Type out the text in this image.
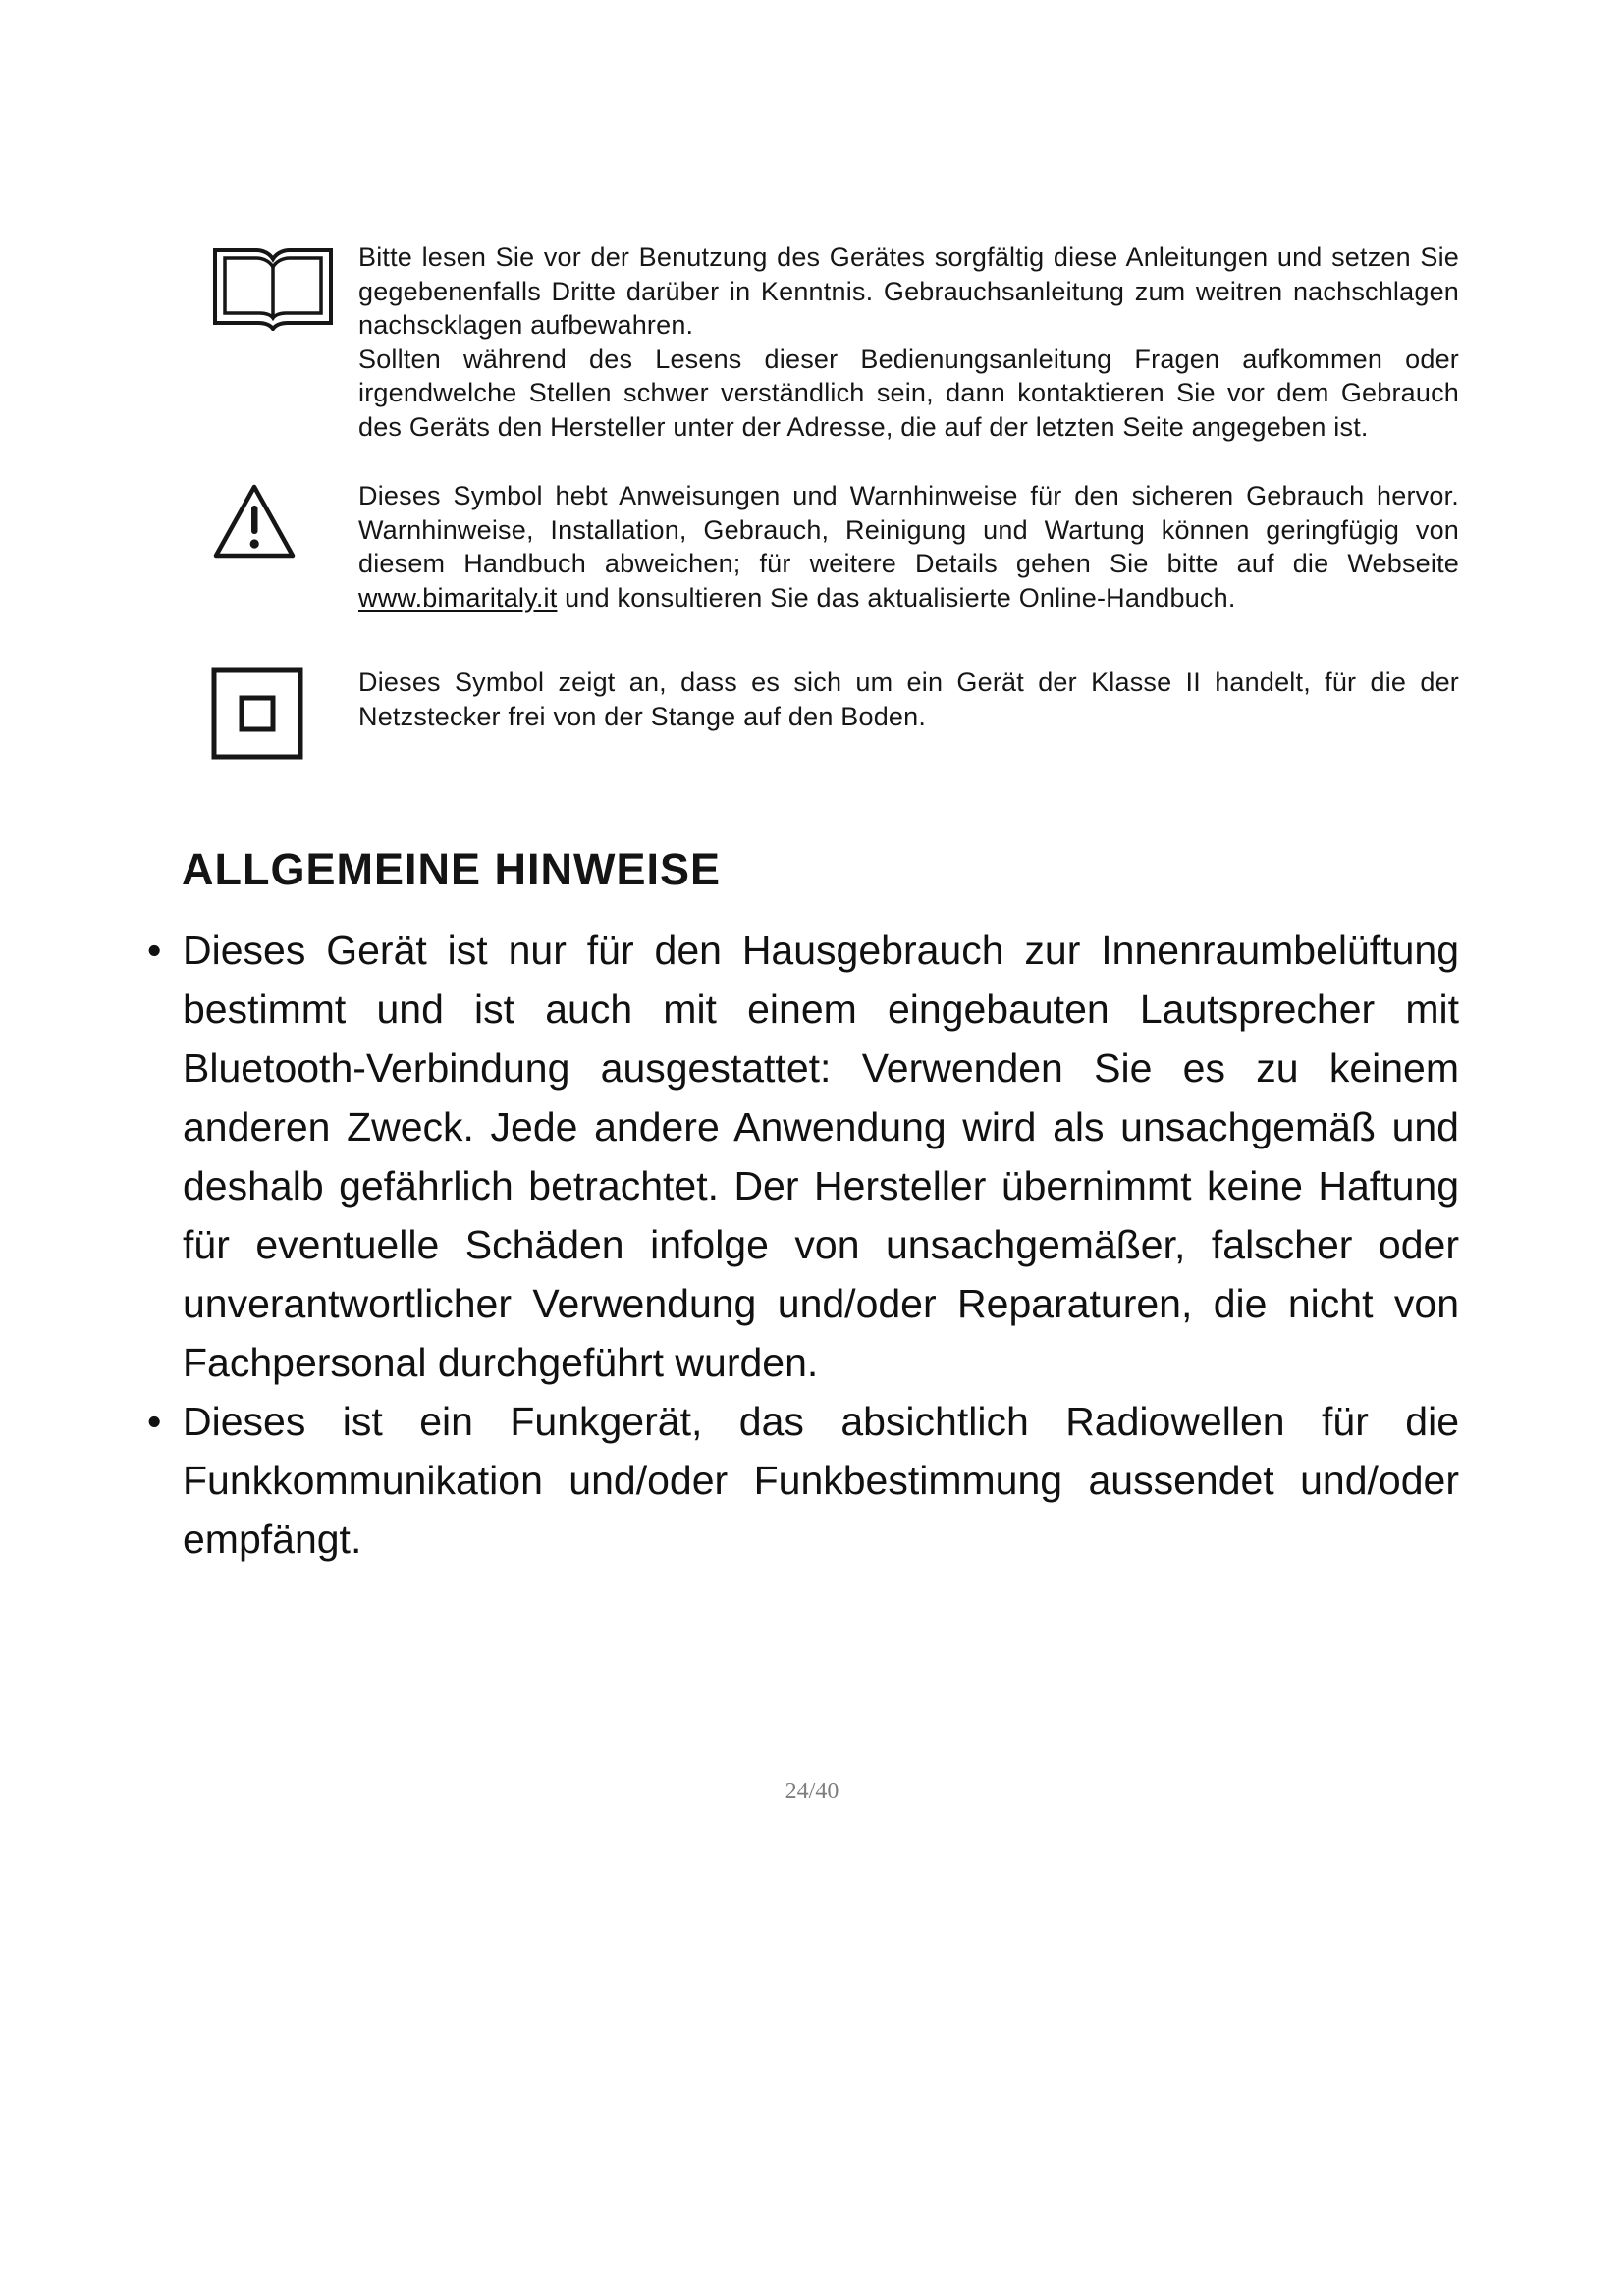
Bitte lesen Sie vor der Benutzung des Gerätes sorgfältig diese Anleitungen und setzen Sie gegebenenfalls Dritte darüber in Kenntnis. Gebrauchsanleitung zum weitren nachschlagen nachscklagen aufbewahren.

Sollten während des Lesens dieser Bedienungsanleitung Fragen aufkommen oder irgendwelche Stellen schwer verständlich sein, dann kontaktieren Sie vor dem Gebrauch des Geräts den Hersteller unter der Adresse, die auf der letzten Seite angegeben ist.

Dieses Symbol hebt Anweisungen und Warnhinweise für den sicheren Gebrauch hervor. Warnhinweise, Installation, Gebrauch, Reinigung und Wartung können geringfügig von diesem Handbuch abweichen; für weitere Details gehen Sie bitte auf die Webseite www.bimaritaly.it und konsultieren Sie das aktualisierte Online-Handbuch.

Dieses Symbol zeigt an, dass es sich um ein Gerät der Klasse II handelt, für die der Netzstecker frei von der Stange auf den Boden.

ALLGEMEINE HINWEISE
• Dieses Gerät ist nur für den Hausgebrauch zur Innenraumbelüftung bestimmt und ist auch mit einem eingebauten Lautsprecher mit Bluetooth-Verbindung ausgestattet: Verwenden Sie es zu keinem anderen Zweck. Jede andere Anwendung wird als unsachgemäß und deshalb gefährlich betrachtet. Der Hersteller übernimmt keine Haftung für eventuelle Schäden infolge von unsachgemäßer, falscher oder unverantwortlicher Verwendung und/oder Reparaturen, die nicht von Fachpersonal durchgeführt wurden.

• Dieses ist ein Funkgerät, das absichtlich Radiowellen für die Funkkommunikation und/oder Funkbestimmung aussendet und/oder empfängt.

24/40
